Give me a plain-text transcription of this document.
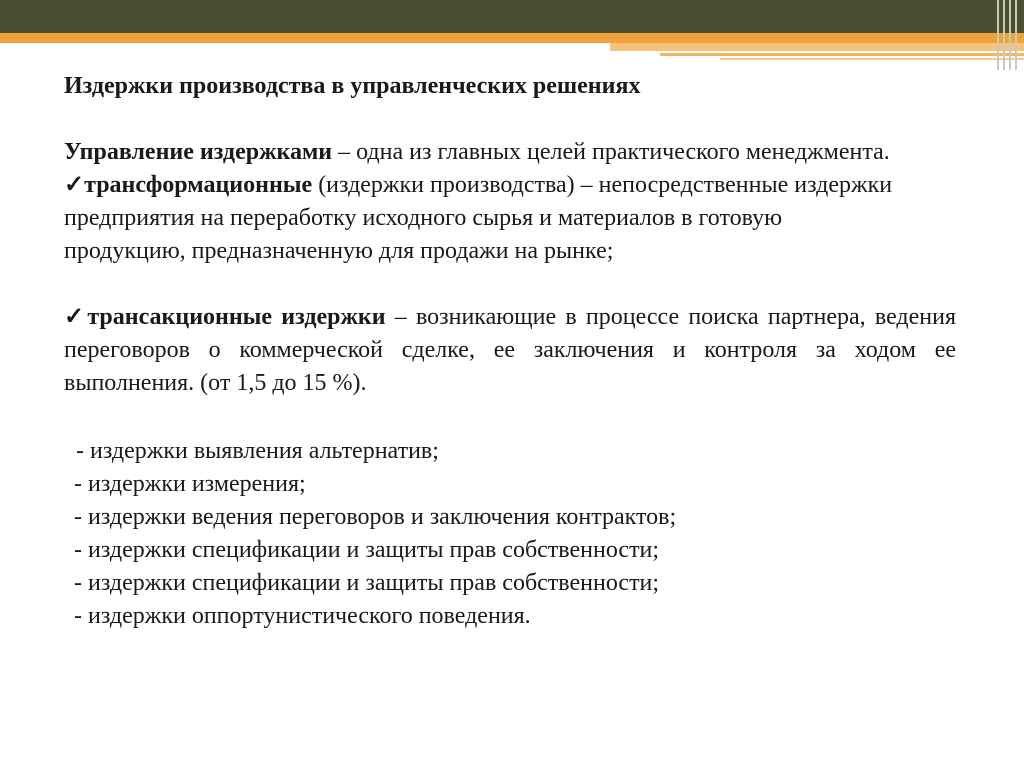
Издержки производства в управленческих решениях

Управление издержками – одна из главных целей практического менеджмента.

✓трансформационные (издержки производства) – непосредственные издержки

предприятия на переработку исходного сырья и материалов в готовую

продукцию, предназначенную для продажи на рынке;

✓трансакционные издержки – возникающие в процессе поиска партнера, ведения переговоров о коммерческой сделке, ее заключения и контроля за ходом ее выполнения. (от 1,5 до 15 %).

- издержки выявления альтернатив;

- издержки измерения;

- издержки ведения переговоров и заключения контрактов;

- издержки спецификации и защиты прав собственности;

- издержки спецификации и защиты прав собственности;

- издержки оппортунистического поведения.
